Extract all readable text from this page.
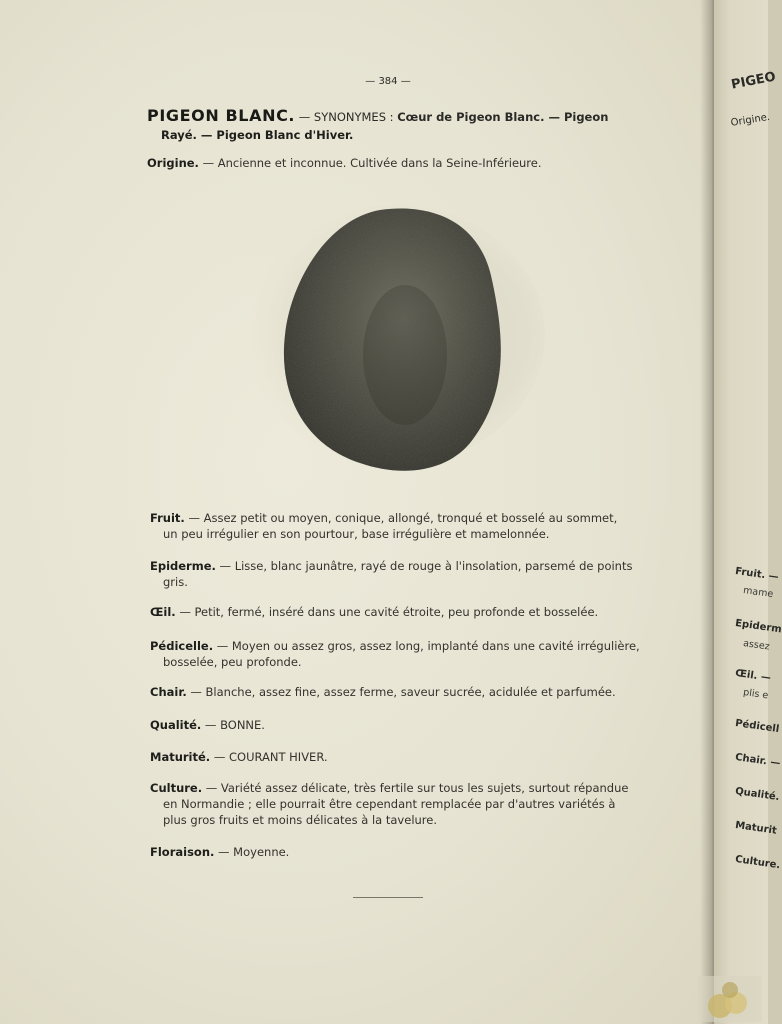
— 384 —
PIGEON BLANC. — SYNONYMES : Cœur de Pigeon Blanc. — Pigeon
Rayé. — Pigeon Blanc d'Hiver.
Origine. — Ancienne et inconnue. Cultivée dans la Seine-Inférieure.
Fruit. — Assez petit ou moyen, conique, allongé, tronqué et bosselé au sommet,
un peu irrégulier en son pourtour, base irrégulière et mamelonnée.
Epiderme. — Lisse, blanc jaunâtre, rayé de rouge à l'insolation, parsemé de points
gris.
Œil. — Petit, fermé, inséré dans une cavité étroite, peu profonde et bosselée.
Pédicelle. — Moyen ou assez gros, assez long, implanté dans une cavité irrégulière,
bosselée, peu profonde.
Chair. — Blanche, assez fine, assez ferme, saveur sucrée, acidulée et parfumée.
Qualité. — BONNE.
Maturité. — COURANT HIVER.
Culture. — Variété assez délicate, très fertile sur tous les sujets, surtout répandue
en Normandie ; elle pourrait être cependant remplacée par d'autres variétés à
plus gros fruits et moins délicates à la tavelure.
Floraison. — Moyenne.
PIGEO
Origine.
Fruit. —
mame
Epiderm
assez
Œil. —
plis e
Pédicell
Chair. —
Qualité.
Maturit
Culture.
